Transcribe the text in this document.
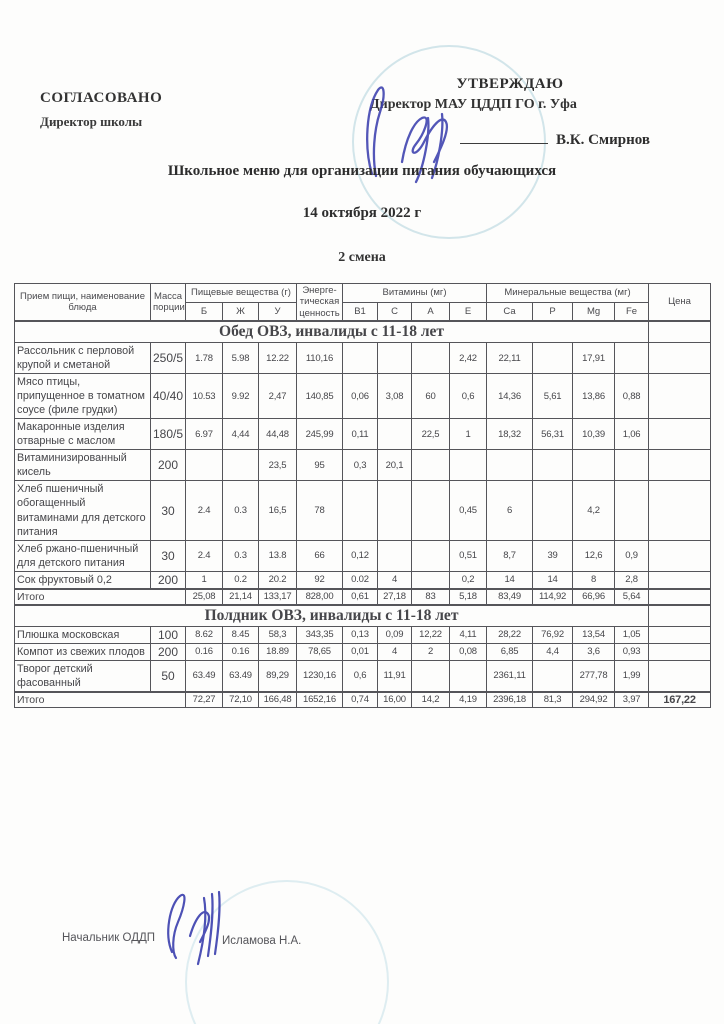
СОГЛАСОВАНО
Директор школы
УТВЕРЖДАЮ
Директор МАУ ЦДДП ГО г. Уфа
В.К. Смирнов
Школьное меню для организации питания обучающихся
14 октября 2022 г
2 смена
Прием пищи, наименование блюда	Масса порции	Пищевые вещества (г)			Энерге- тическая ценность	Витамины (мг)				Минеральные вещества (мг)				Цена
		Б	Ж	У		В1	С	А	Е	Са	Р	Mg	Fe	
Обед ОВЗ, инвалиды с 11-18 лет														
Рассольник с перловой крупой и сметаной	250/5	1.78	5.98	12.22	110,16				2,42	22,11		17,91		
Мясо птицы, припущенное в томатном соусе (филе грудки)	40/40	10.53	9.92	2,47	140,85	0,06	3,08	60	0,6	14,36	5,61	13,86	0,88	
Макаронные изделия отварные с маслом	180/5	6.97	4,44	44,48	245,99	0,11		22,5	1	18,32	56,31	10,39	1,06	
Витаминизированный кисель	200			23,5	95	0,3	20,1							
Хлеб пшеничный обогащенный витаминами для детского питания	30	2.4	0.3	16,5	78				0,45	6		4,2		
Хлеб ржано-пшеничный для детского питания	30	2.4	0.3	13.8	66	0,12			0,51	8,7	39	12,6	0,9	
Сок фруктовый 0,2	200	1	0.2	20.2	92	0.02	4		0,2	14	14	8	2,8	
Итого		25,08	21,14	133,17	828,00	0,61	27,18	83	5,18	83,49	114,92	66,96	5,64	
Полдник ОВЗ, инвалиды с 11-18 лет														
Плюшка московская	100	8.62	8.45	58,3	343,35	0,13	0,09	12,22	4,11	28,22	76,92	13,54	1,05	
Компот из свежих плодов	200	0.16	0.16	18.89	78,65	0,01	4	2	0,08	6,85	4,4	3,6	0,93	
Творог детский фасованный	50	63.49	63.49	89,29	1230,16	0,6	11,91			2361,11		277,78	1,99	
Итого		72,27	72,10	166,48	1652,16	0,74	16,00	14,2	4,19	2396,18	81,3	294,92	3,97	167,22
Начальник ОДДП	Исламова Н.А.
